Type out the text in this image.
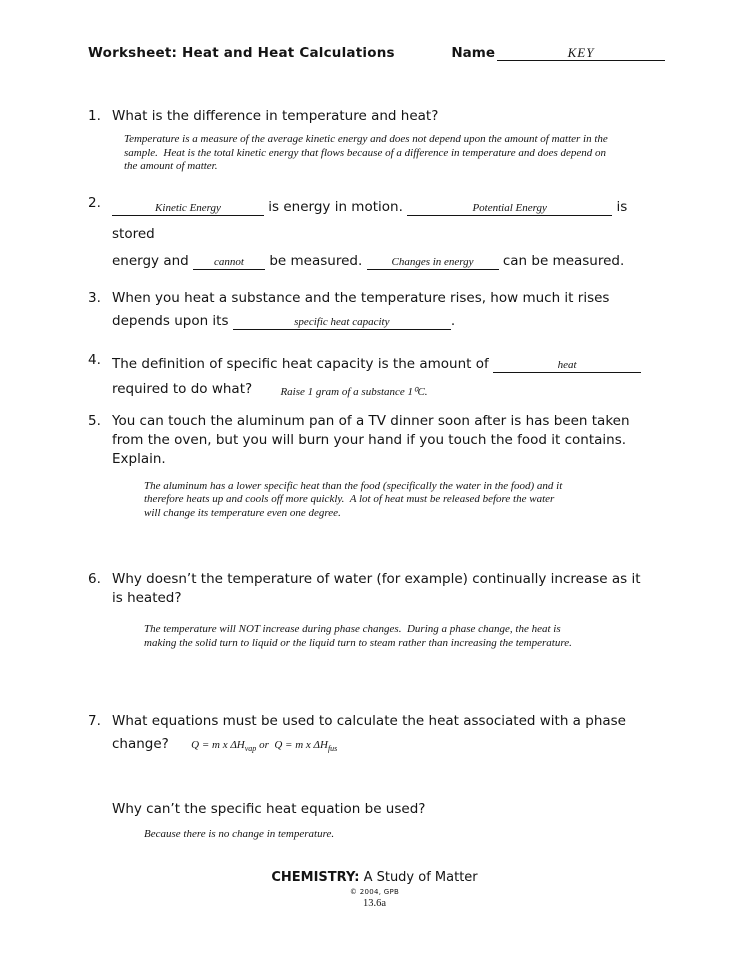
Worksheet: Heat and Heat Calculations	Name	KEY
1. What is the difference in temperature and heat?
Temperature is a measure of the average kinetic energy and does not depend upon the amount of matter in the
sample.  Heat is the total kinetic energy that flows because of a difference in temperature and does depend on
the amount of matter.
2.	Kinetic Energy	is energy in motion.	Potential Energy	is stored
energy and cannot be measured.	Changes in energy can be measured.
3. When you heat a substance and the temperature rises, how much it rises
depends upon its	specific heat capacity	.
4. The definition of specific heat capacity is the amount of	heat
required to do what?	Raise 1 gram of a substance 1⁰C.
5. You can touch the aluminum pan of a TV dinner soon after is has been taken
from the oven, but you will burn your hand if you touch the food it contains.
Explain.
The aluminum has a lower specific heat than the food (specifically the water in the food) and it
therefore heats up and cools off more quickly.  A lot of heat must be released before the water
will change its temperature even one degree.
6. Why doesn’t the temperature of water (for example) continually increase as it
is heated?
The temperature will NOT increase during phase changes.  During a phase change, the heat is
making the solid turn to liquid or the liquid turn to steam rather than increasing the temperature.
7. What equations must be used to calculate the heat associated with a phase
change? Q = m x $\Delta H_{vap}$ or  Q = m x $\Delta H_{fus}$
Why can’t the specific heat equation be used?
Because there is no change in temperature.
CHEMISTRY: A Study of Matter
© 2004, GPB
13.6a
